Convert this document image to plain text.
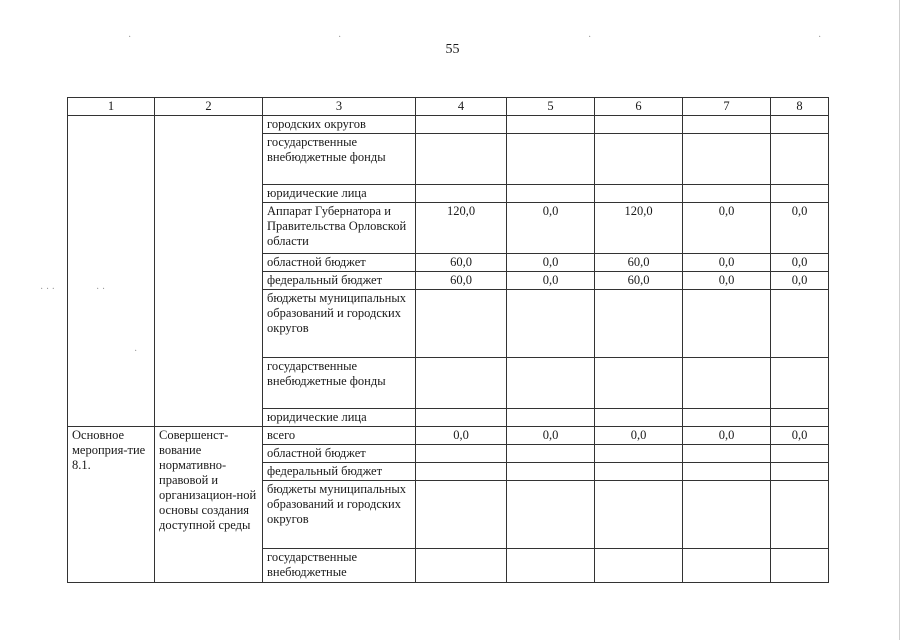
·	·	·	·
· · ·	· ·
·
55
1	2	3	4	5	6	7	8
		городских округов					
		государственные внебюджетные фонды					
		юридические лица					
		Аппарат Губернатора и Правительства Орловской области	120,0	0,0	120,0	0,0	0,0
		областной бюджет	60,0	0,0	60,0	0,0	0,0
		федеральный бюджет	60,0	0,0	60,0	0,0	0,0
		бюджеты муниципальных образований и городских округов					
		государственные внебюджетные фонды					
		юридические лица					
Основное мероприя-тие 8.1.	Совершенст-вование нормативно-правовой и организацион-ной основы создания доступной среды	всего	0,0	0,0	0,0	0,0	0,0
		областной бюджет					
		федеральный бюджет					
		бюджеты муниципальных образований и городских округов					
		государственные внебюджетные					
